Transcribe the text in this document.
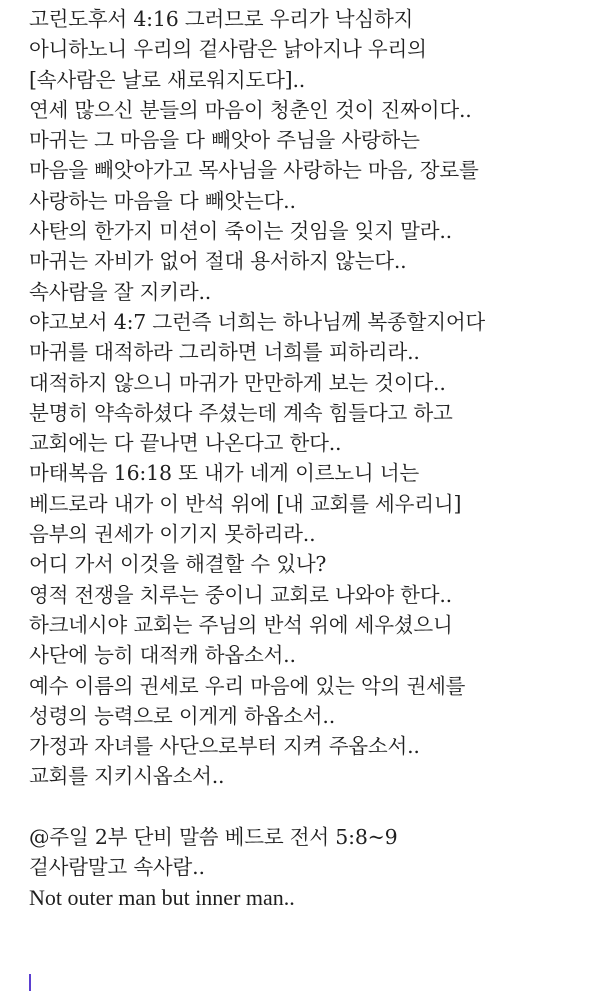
고린도후서 4:16 그러므로 우리가 낙심하지
아니하노니 우리의 겉사람은 낡아지나 우리의
[속사람은 날로 새로워지도다]..
연세 많으신 분들의 마음이 청춘인 것이 진짜이다..
마귀는 그 마음을 다 빼앗아 주님을 사랑하는
마음을 빼앗아가고 목사님을 사랑하는 마음, 장로를
사랑하는 마음을 다 빼앗는다..
사탄의 한가지 미션이 죽이는 것임을 잊지 말라..
마귀는 자비가 없어 절대 용서하지 않는다..
속사람을 잘 지키라..
야고보서 4:7 그런즉 너희는 하나님께 복종할지어다
마귀를 대적하라 그리하면 너희를 피하리라..
대적하지 않으니 마귀가 만만하게 보는 것이다..
분명히 약속하셨다 주셨는데 계속 힘들다고 하고
교회에는 다 끝나면 나온다고 한다..
마태복음 16:18 또 내가 네게 이르노니 너는
베드로라 내가 이 반석 위에 [내 교회를 세우리니]
음부의 권세가 이기지 못하리라..
어디 가서 이것을 해결할 수 있나?
영적 전쟁을 치루는 중이니 교회로 나와야 한다..
하크네시야 교회는 주님의 반석 위에 세우셨으니
사단에 능히 대적캐 하옵소서..
예수 이름의 권세로 우리 마음에 있는 악의 권세를
성령의 능력으로 이게게 하옵소서..
가정과 자녀를 사단으로부터 지켜 주옵소서..
교회를 지키시옵소서..
@주일 2부 단비 말씀 베드로 전서 5:8~9
겉사람말고 속사람..
Not outer man but inner man..
